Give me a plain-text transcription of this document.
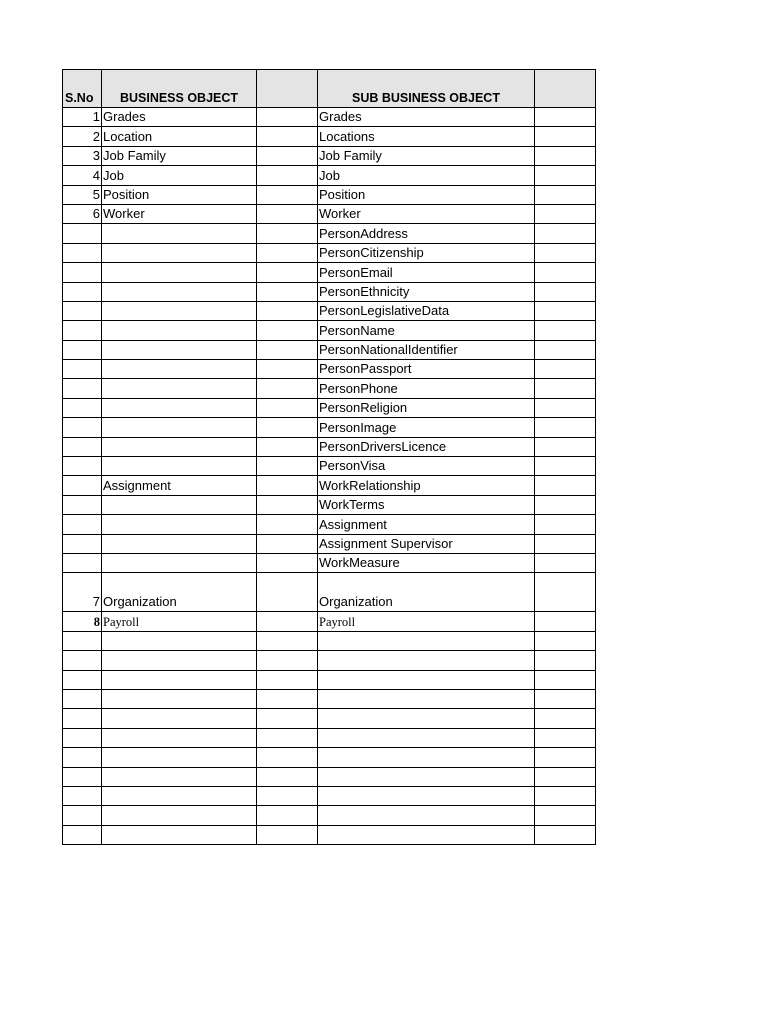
S.No	BUSINESS OBJECT		SUB BUSINESS OBJECT	
1	Grades		Grades	
2	Location		Locations	
3	Job Family		Job Family	
4	Job		Job	
5	Position		Position	
6	Worker		Worker	
			PersonAddress	
			PersonCitizenship	
			PersonEmail	
			PersonEthnicity	
			PersonLegislativeData	
			PersonName	
			PersonNationalIdentifier	
			PersonPassport	
			PersonPhone	
			PersonReligion	
			PersonImage	
			PersonDriversLicence	
			PersonVisa	
	Assignment		WorkRelationship	
			WorkTerms	
			Assignment	
			Assignment Supervisor	
			WorkMeasure	
7	Organization		Organization	
8	Payroll		Payroll	
